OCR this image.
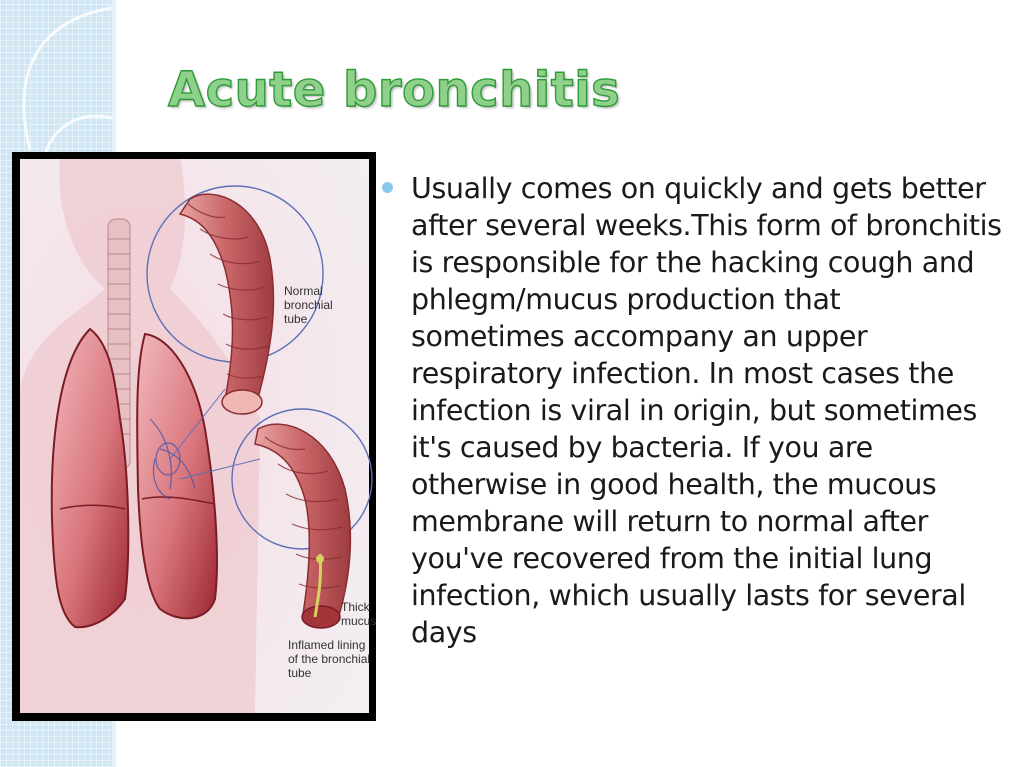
Acute bronchitis
Normal
bronchial
tube
Thick
mucus
Inflamed lining
of the bronchial
tube

Usually comes on quickly and gets better after several weeks.This form of bronchitis is responsible for the hacking cough and phlegm/mucus production that sometimes accompany an upper respiratory infection. In most cases the infection is viral in origin, but sometimes it's caused by bacteria. If you are otherwise in good health, the mucous membrane will return to normal after you've recovered from the initial lung infection, which usually lasts for several days
